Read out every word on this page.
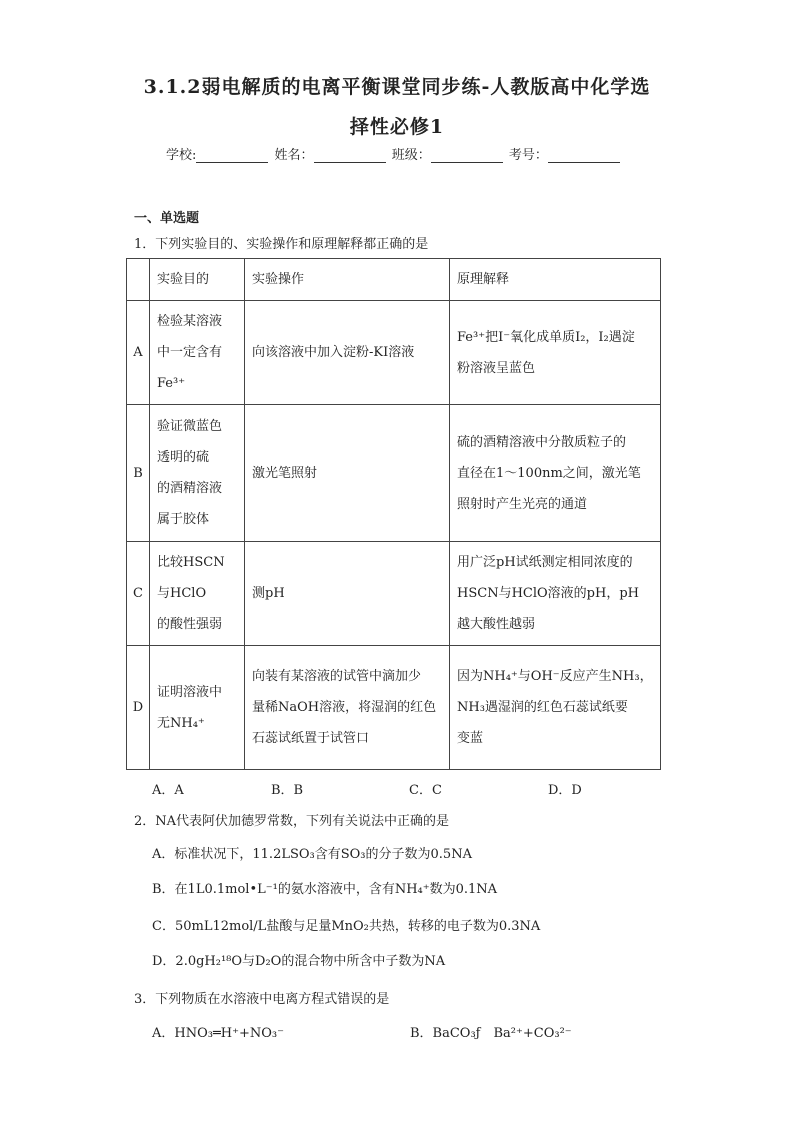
3.1.2弱电解质的电离平衡课堂同步练-人教版高中化学选
择性必修1
学校:	姓名：	班级：	考号：
一、单选题
1．下列实验目的、实验操作和原理解释都正确的是
	实验目的	实验操作	原理解释
A	检验某溶液
中一定含有
Fe³⁺	向该溶液中加入淀粉-KI溶液	Fe³⁺把I⁻氧化成单质I₂，I₂遇淀
粉溶液呈蓝色

B	验证微蓝色
透明的硫
的酒精溶液
属于胶体	激光笔照射	硫的酒精溶液中分散质粒子的
直径在1～100nm之间，激光笔
照射时产生光亮的通道

C	比较HSCN
与HClO
的酸性强弱	测pH	用广泛pH试纸测定相同浓度的
HSCN与HClO溶液的pH，pH
越大酸性越弱

D	证明溶液中
无NH₄⁺	向装有某溶液的试管中滴加少
量稀NaOH溶液，将湿润的红色
石蕊试纸置于试管口	因为NH₄⁺与OH⁻反应产生NH₃，
NH₃遇湿润的红色石蕊试纸要
变蓝
A．A	B．B	C．C	D．D
2．NA代表阿伏加德罗常数，下列有关说法中正确的是
A．标准状况下，11.2LSO₃含有SO₃的分子数为0.5NA
B．在1L0.1mol•L⁻¹的氨水溶液中，含有NH₄⁺数为0.1NA
C．50mL12mol/L盐酸与足量MnO₂共热，转移的电子数为0.3NA
D．2.0gH₂¹⁸O与D₂O的混合物中所含中子数为NA
3．下列物质在水溶液中电离方程式错误的是
A．HNO₃═H⁺+NO₃⁻	B．BaCO₃ƒ　Ba²⁺+CO₃²⁻
